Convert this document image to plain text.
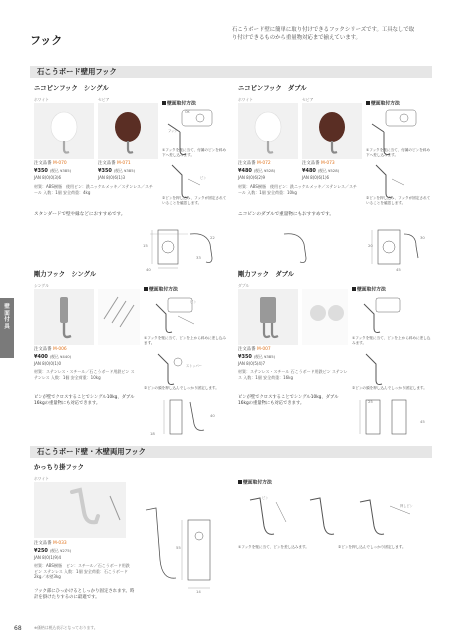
フック
石こうボード壁に簡単に取り付けできるフックシリーズです。工具なしで取り付けできるものから重量物対応まで揃えています。
壁面付具
石こうボード壁用フック
ニコピンフック　シングル
ホワイト	セピア
壁面取付方法
OK
フック
①フックを壁に当て、付属のピンを斜め下へ差し込みます。
ピン
②ピンを押し込み、フックが固定されていることを確認します。
注文品番 M-070
¥350 (税込 ¥385)
JAN 8(0)0(3)6
注文品番 M-071
¥350 (税込 ¥385)
JAN 8(0)6(1)3
材質：ABS樹脂　使用ピン：鉄ニッケルメッキ／ステンレス／スチール 入数：1個 安全荷重：4kg
スタンダードで壁や縁などにおすすめです。
40
15
33
22
ニコピンフック　ダブル
ホワイト	セピア
壁面取付方法
①フックを壁に当て、付属のピンを斜め下へ差し込みます。
②ピンを押し込み、フックが固定されていることを確認します。
注文品番 M-072
¥480 (税込 ¥528)
JAN 8(0)6(2)9
注文品番 M-073
¥480 (税込 ¥528)
JAN 8(0)6(1)6
材質：ABS樹脂　使用ピン：鉄ニッケルメッキ／ステンレス／スチール 入数：1個 安全荷重：10kg
ニコピンのダブルで重量物にもおすすめです。
45
20
30
剛力フック　シングル
シングル
壁面取付方法
ピン
①フックを壁に当て、ピンを上から斜めに差し込みます。
ストッパー
②ピンの頭を押し込んでしっかり固定します。
注文品番 M-006
¥400 (税込 ¥440)
JAN 8(0)0(1)0
材質：ステンレス・スチール／石こうボード用鉄ピン ステンレス 入数：1個 安全荷重：10kg
ピンが壁でクロスすることでシングル10kg、ダブル16kgの重量物にも対応できます。
18
40
剛力フック　ダブル
ダブル
壁面取付方法
①フックを壁に当て、ピンを上から斜めに差し込みます。
②ピンの頭を押し込んでしっかり固定します。
注文品番 M-007
¥350 (税込 ¥385)
JAN 8(0)5(4)7
材質：ステンレス・スチール 石こうボード用鉄ピン ステンレス 入数：1個 安全荷重：16kg
ピンが壁でクロスすることでシングル10kg、ダブル16kgの重量物にも対応できます。	25
45
石こうボード壁・木壁両用フック
かっちり掛フック
ホワイト
注文品番 M-033
¥250 (税込 ¥275)
JAN 8(0)1(9)4
材質：ABS樹脂　ピン：スチール／石こうボード用鉄ピン ステンレス 入数：1個 安全荷重：石こうボード2kg／木壁3kg
フック部にひっかけるとしっかり固定されます。時計を掛けたりするのに最適です。
14
55
壁面取付方法
ピン
押しピン
①フックを壁に当て、ピンを差し込みます。	②ピンを押し込んでしっかり固定します。
68	※価格は税込表示となっております。
